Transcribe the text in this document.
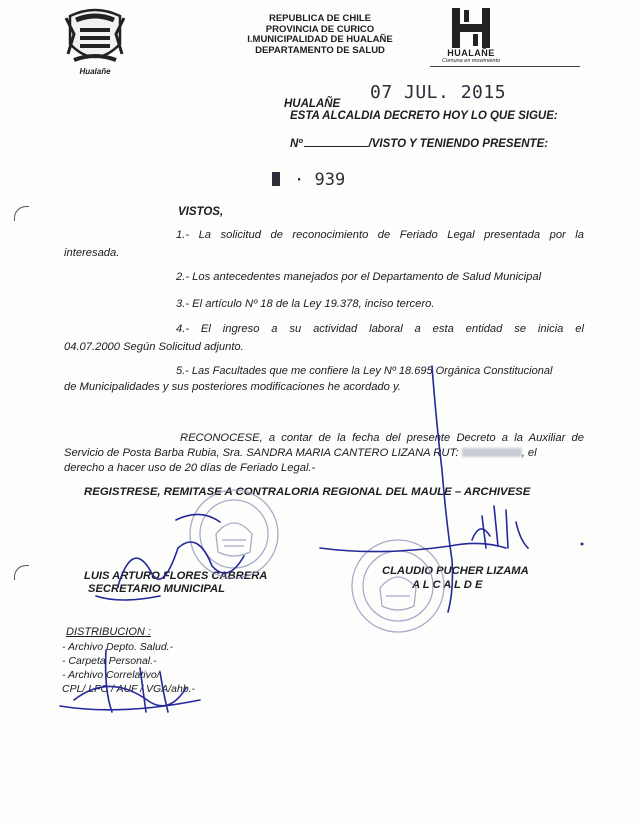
Hualañe
REPUBLICA DE CHILE
PROVINCIA DE CURICO
I.MUNICIPALIDAD DE HUALAÑE
DEPARTAMENTO DE SALUD	HUALAÑE
Comuna en movimiento
07 JUL. 2015
HUALAÑE
ESTA ALCALDIA DECRETO HOY LO QUE SIGUE:
Nº	/VISTO Y TENIENDO PRESENTE:
· 939
VISTOS,
1.- La solicitud de reconocimiento de Feriado Legal presentada por la
interesada.
2.- Los antecedentes manejados por el Departamento de Salud Municipal
3.- El artículo Nº 18 de la Ley 19.378, inciso tercero.
4.- El ingreso a su actividad laboral a esta entidad se inicia el
04.07.2000 Según Solicitud adjunto.
5.- Las Facultades que me confiere la Ley Nº 18.695 Orgánica Constitucional
de Municipalidades y sus posteriores modificaciones he acordado y.
RECONOCESE, a contar de la fecha del presente Decreto a la Auxiliar de
Servicio de Posta Barba Rubia, Sra. SANDRA MARIA CANTERO LIZANA RUT:	, el
derecho a hacer uso de 20 días de Feriado Legal.-
REGISTRESE, REMITASE A CONTRALORIA REGIONAL DEL MAULE – ARCHIVESE
LUIS ARTURO FLORES CABRERA
SECRETARIO MUNICIPAL
CLAUDIO PUCHER LIZAMA
A L C A L D E
DISTRIBUCION :
- Archivo Depto. Salud.-
- Carpeta Personal.-
- Archivo Correlativo/
CPL/ LFC / AUF / VGA/ahb.-
